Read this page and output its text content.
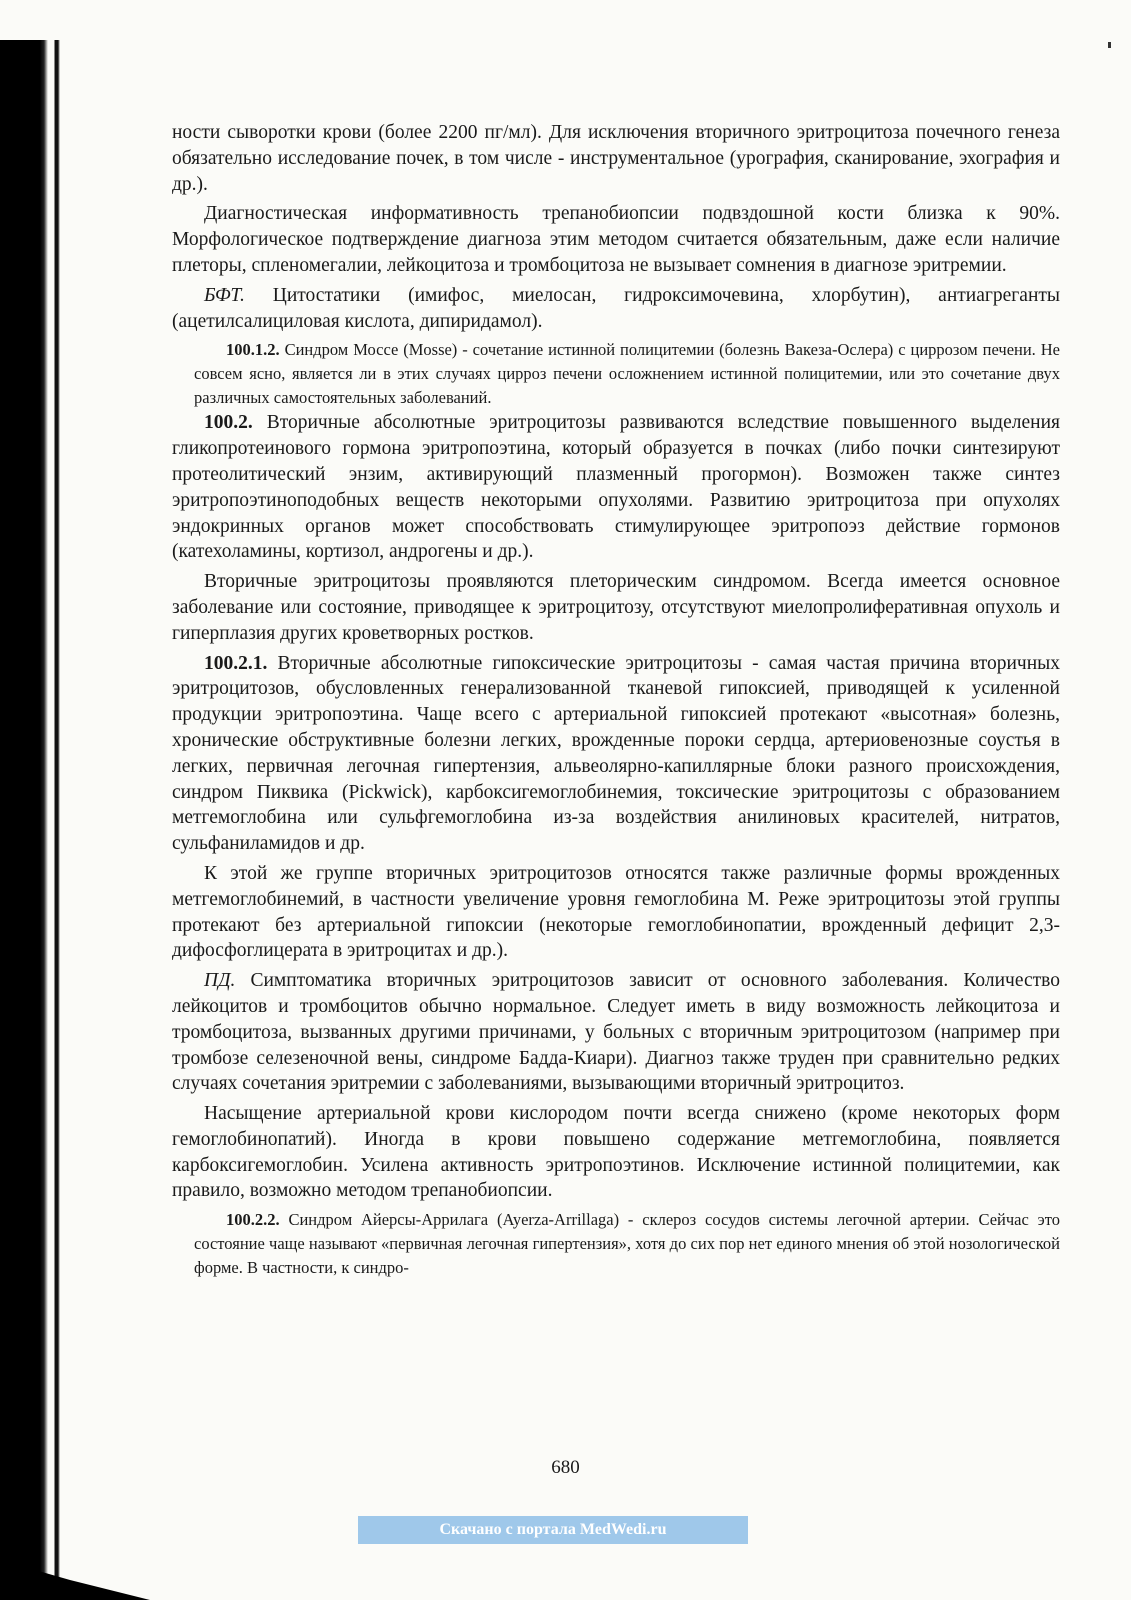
ности сыворотки крови (более 2200 пг/мл). Для исключения вторичного эритроцитоза почечного генеза обязательно исследование почек, в том числе - инструментальное (урография, сканирование, эхография и др.).

Диагностическая информативность трепанобиопсии подвздошной кости близка к 90%. Морфологическое подтверждение диагноза этим методом считается обязательным, даже если наличие плеторы, спленомегалии, лейкоцитоза и тромбоцитоза не вызывает сомнения в диагнозе эритремии.

БФТ. Цитостатики (имифос, миелосан, гидроксимочевина, хлорбутин), антиагреганты (ацетилсалициловая кислота, дипиридамол).

100.1.2. Синдром Моссе (Mosse) - сочетание истинной полицитемии (болезнь Вакеза-Ослера) с циррозом печени. Не совсем ясно, является ли в этих случаях цирроз печени осложнением истинной полицитемии, или это сочетание двух различных самостоятельных заболеваний.

100.2. Вторичные абсолютные эритроцитозы развиваются вследствие повышенного выделения гликопротеинового гормона эритропоэтина, который образуется в почках (либо почки синтезируют протеолитический энзим, активирующий плазменный прогормон). Возможен также синтез эритропоэтиноподобных веществ некоторыми опухолями. Развитию эритроцитоза при опухолях эндокринных органов может способствовать стимулирующее эритропоэз действие гормонов (катехоламины, кортизол, андрогены и др.).

Вторичные эритроцитозы проявляются плеторическим синдромом. Всегда имеется основное заболевание или состояние, приводящее к эритроцитозу, отсутствуют миелопролиферативная опухоль и гиперплазия других кроветворных ростков.

100.2.1. Вторичные абсолютные гипоксические эритроцитозы - самая частая причина вторичных эритроцитозов, обусловленных генерализованной тканевой гипоксией, приводящей к усиленной продукции эритропоэтина. Чаще всего с артериальной гипоксией протекают «высотная» болезнь, хронические обструктивные болезни легких, врожденные пороки сердца, артериовенозные соустья в легких, первичная легочная гипертензия, альвеолярно-капиллярные блоки разного происхождения, синдром Пиквика (Pickwick), карбоксигемоглобинемия, токсические эритроцитозы с образованием метгемоглобина или сульфгемоглобина из-за воздействия анилиновых красителей, нитратов, сульфаниламидов и др.

К этой же группе вторичных эритроцитозов относятся также различные формы врожденных метгемоглобинемий, в частности увеличение уровня гемоглобина М. Реже эритроцитозы этой группы протекают без артериальной гипоксии (некоторые гемоглобинопатии, врожденный дефицит 2,3-дифосфоглицерата в эритроцитах и др.).

ПД. Симптоматика вторичных эритроцитозов зависит от основного заболевания. Количество лейкоцитов и тромбоцитов обычно нормальное. Следует иметь в виду возможность лейкоцитоза и тромбоцитоза, вызванных другими причинами, у больных с вторичным эритроцитозом (например при тромбозе селезеночной вены, синдроме Бадда-Киари). Диагноз также труден при сравнительно редких случаях сочетания эритремии с заболеваниями, вызывающими вторичный эритроцитоз.

Насыщение артериальной крови кислородом почти всегда снижено (кроме некоторых форм гемоглобинопатий). Иногда в крови повышено содержание метгемоглобина, появляется карбоксигемоглобин. Усилена активность эритропоэтинов. Исключение истинной полицитемии, как правило, возможно методом трепанобиопсии.

100.2.2. Синдром Айерсы-Аррилага (Ayerza-Arrillaga) - склероз сосудов системы легочной артерии. Сейчас это состояние чаще называют «первичная легочная гипертензия», хотя до сих пор нет единого мнения об этой нозологической форме. В частности, к синдро-

680
Скачано с портала MedWedi.ru
